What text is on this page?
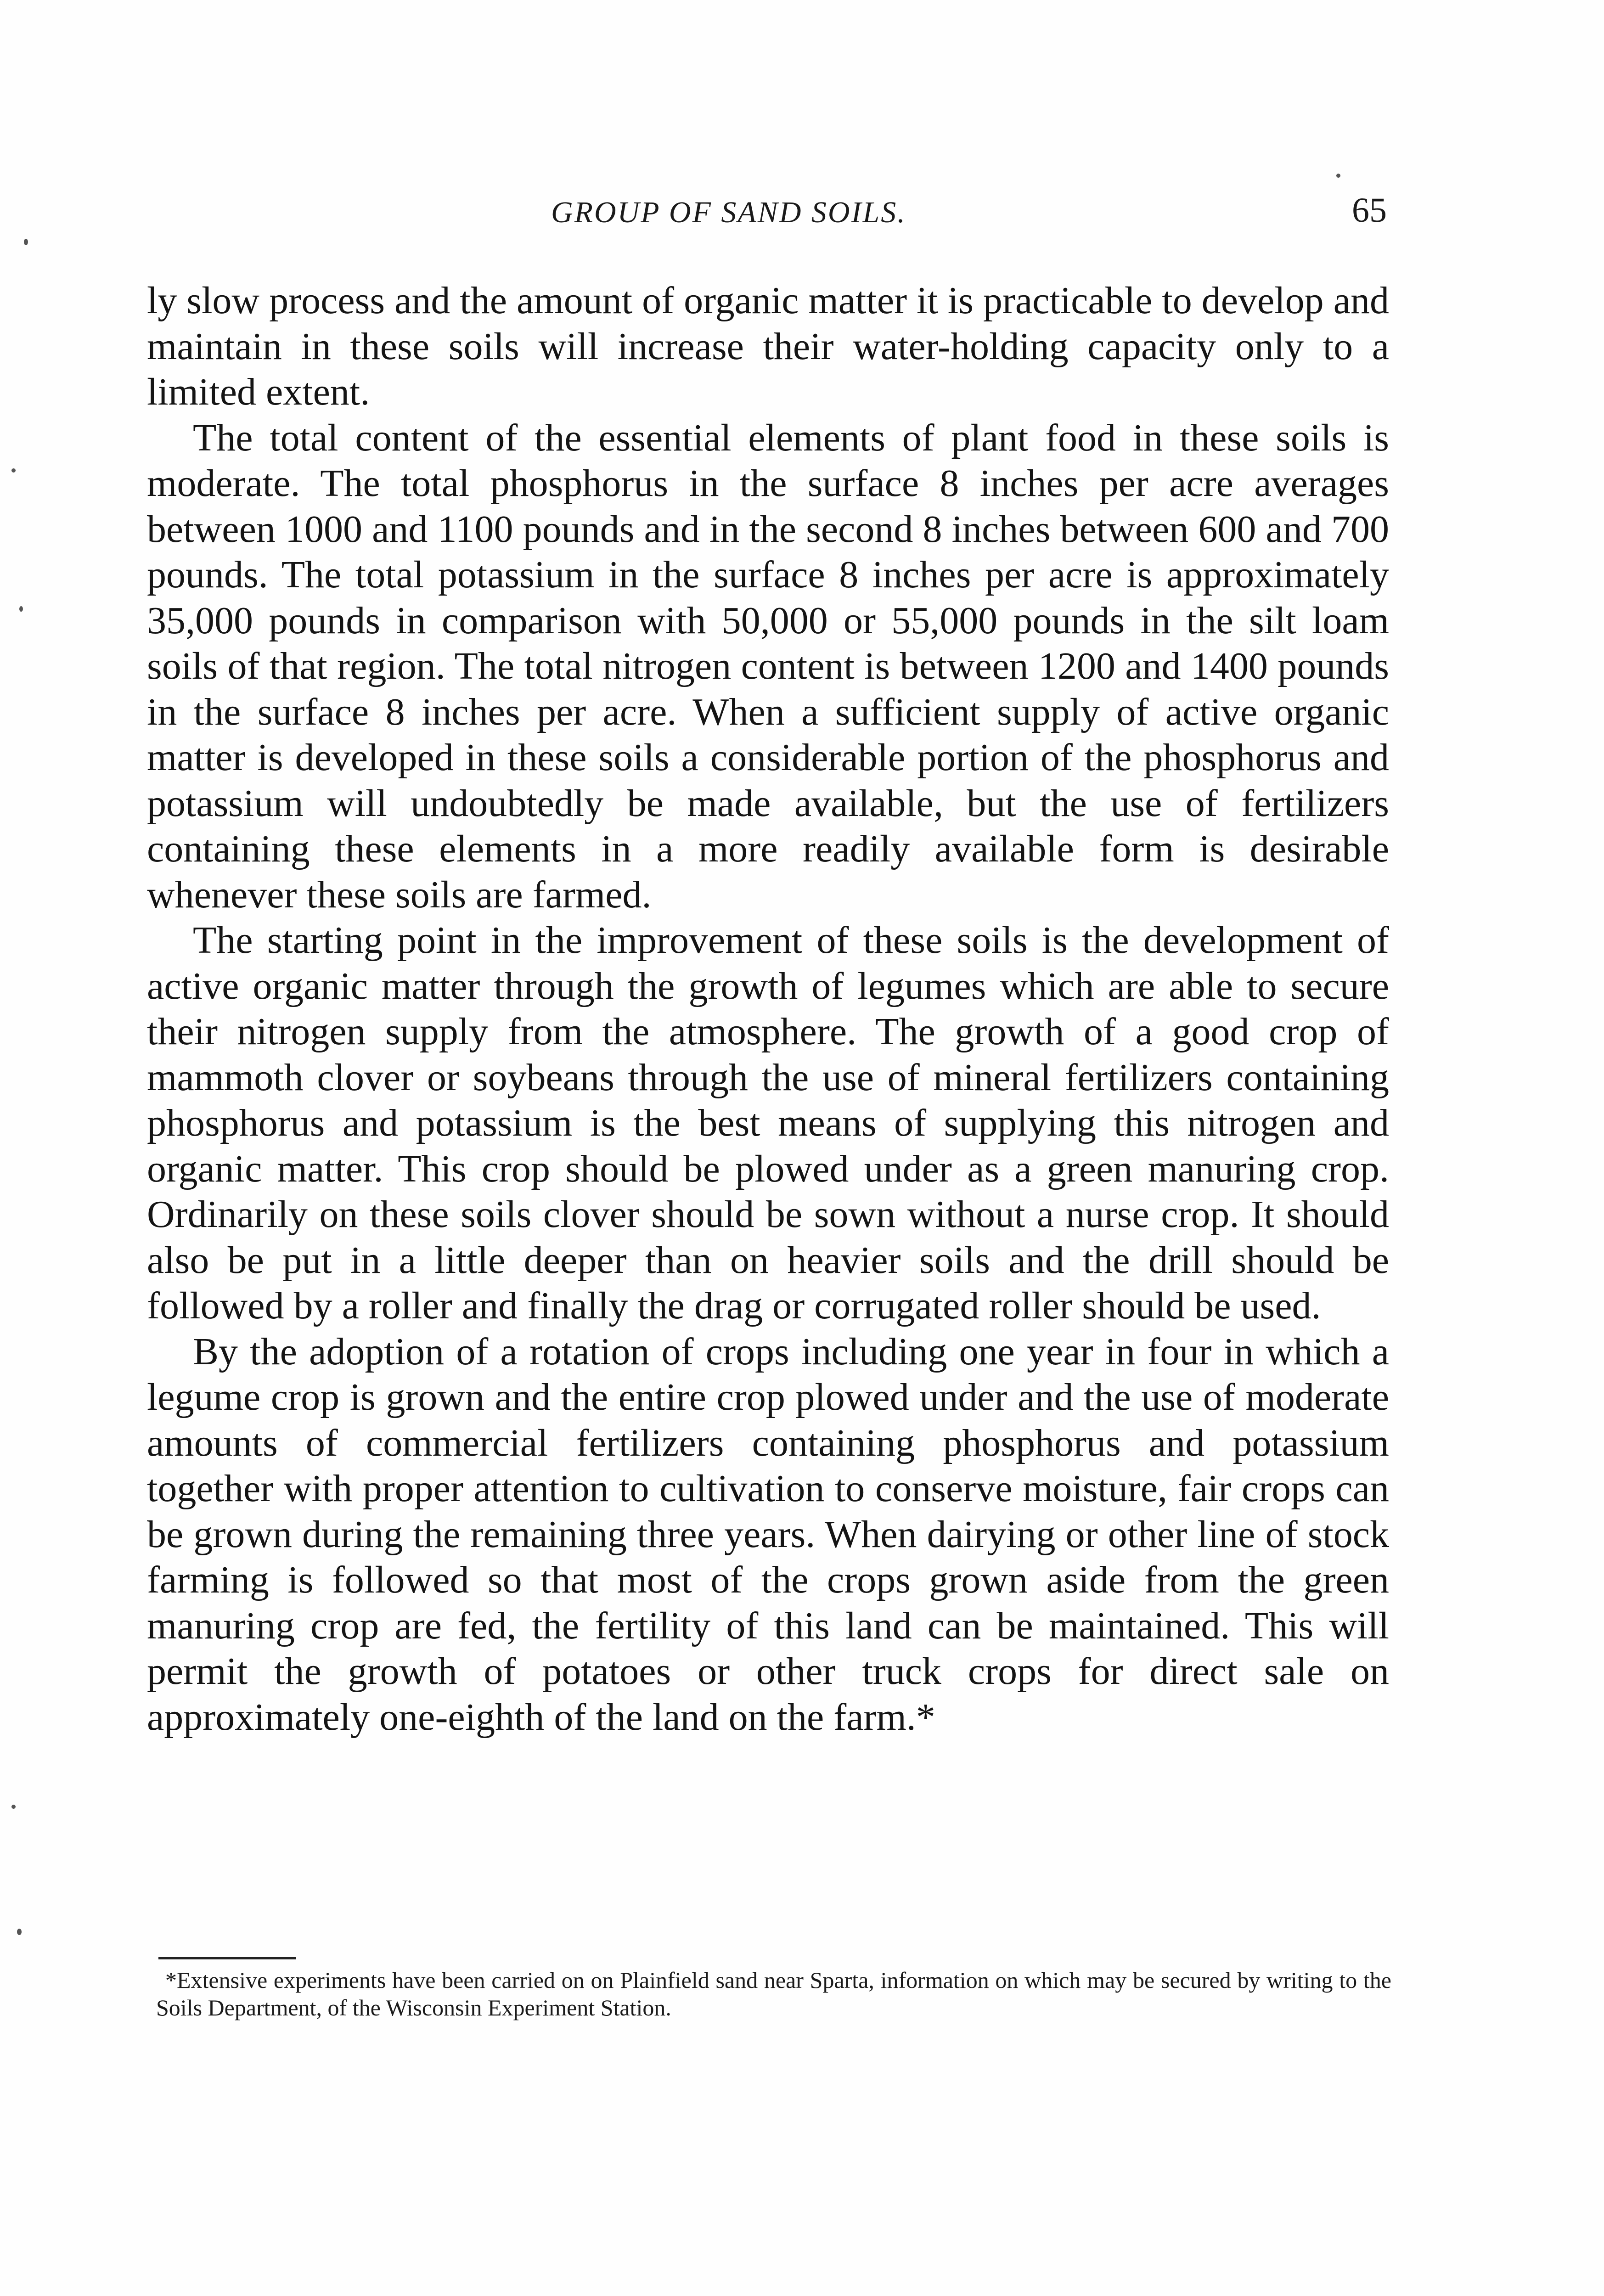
GROUP OF SAND SOILS.	65

ly slow process and the amount of organic matter it is practicable to develop and maintain in these soils will increase their water-holding capacity only to a limited extent.

The total content of the essential elements of plant food in these soils is moderate. The total phosphorus in the surface 8 inches per acre averages between 1000 and 1100 pounds and in the second 8 inches between 600 and 700 pounds. The total potassium in the surface 8 inches per acre is approximately 35,000 pounds in comparison with 50,000 or 55,000 pounds in the silt loam soils of that region. The total nitrogen content is between 1200 and 1400 pounds in the surface 8 inches per acre. When a sufficient supply of active organic matter is developed in these soils a considerable portion of the phosphorus and potassium will undoubtedly be made available, but the use of fertilizers containing these elements in a more readily available form is desirable whenever these soils are farmed.

The starting point in the improvement of these soils is the development of active organic matter through the growth of legumes which are able to secure their nitrogen supply from the atmosphere. The growth of a good crop of mammoth clover or soybeans through the use of mineral fertilizers containing phosphorus and potassium is the best means of supplying this nitrogen and organic matter. This crop should be plowed under as a green manuring crop. Ordinarily on these soils clover should be sown without a nurse crop. It should also be put in a little deeper than on heavier soils and the drill should be followed by a roller and finally the drag or corrugated roller should be used.

By the adoption of a rotation of crops including one year in four in which a legume crop is grown and the entire crop plowed under and the use of moderate amounts of commercial fertilizers containing phosphorus and potassium together with proper attention to cultivation to conserve moisture, fair crops can be grown during the remaining three years. When dairying or other line of stock farming is followed so that most of the crops grown aside from the green manuring crop are fed, the fertility of this land can be maintained. This will permit the growth of potatoes or other truck crops for direct sale on approximately one-eighth of the land on the farm.*

*Extensive experiments have been carried on on Plainfield sand near Sparta, information on which may be secured by writing to the Soils Department, of the Wisconsin Experiment Station.
